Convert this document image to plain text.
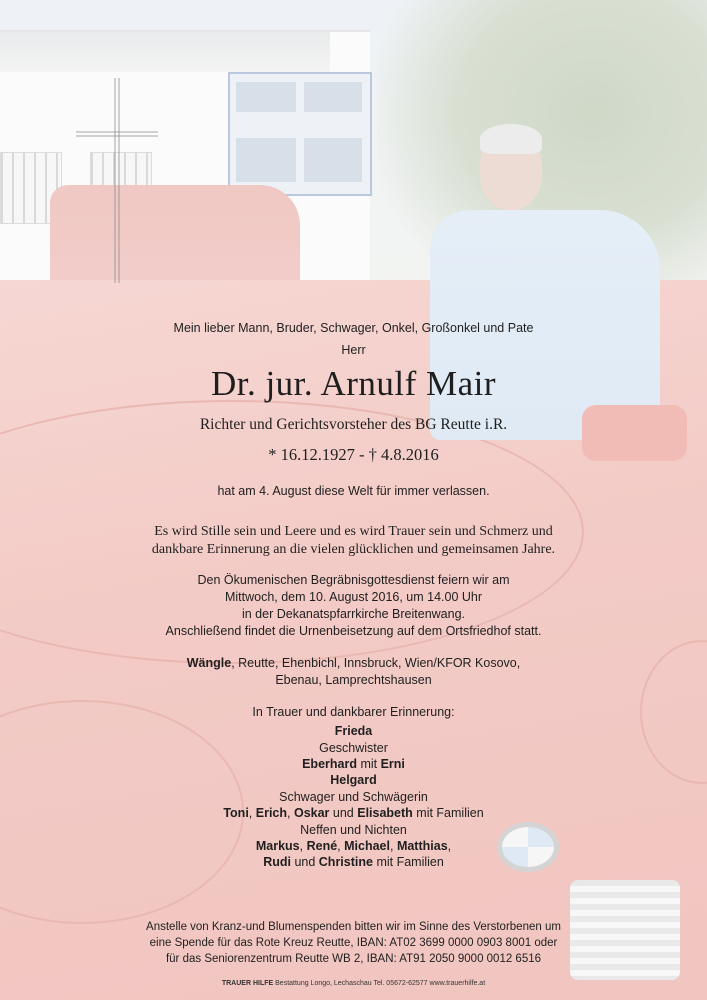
Mein lieber Mann, Bruder, Schwager, Onkel, Großonkel und Pate
Herr
Dr. jur. Arnulf Mair
Richter und Gerichtsvorsteher des BG Reutte i.R.
* 16.12.1927 - † 4.8.2016
hat am 4. August diese Welt für immer verlassen.
Es wird Stille sein und Leere und es wird Trauer sein und Schmerz und
dankbare Erinnerung an die vielen glücklichen und gemeinsamen Jahre.
Den Ökumenischen Begräbnisgottesdienst feiern wir am
Mittwoch, dem 10. August 2016, um 14.00 Uhr
in der Dekanatspfarrkirche Breitenwang.
Anschließend findet die Urnenbeisetzung auf dem Ortsfriedhof statt.
Wängle, Reutte, Ehenbichl, Innsbruck, Wien/KFOR Kosovo,
Ebenau, Lamprechtshausen
In Trauer und dankbarer Erinnerung:
Frieda
Geschwister
Eberhard mit Erni
Helgard
Schwager und Schwägerin
Toni, Erich, Oskar und Elisabeth mit Familien
Neffen und Nichten
Markus, René, Michael, Matthias,
Rudi und Christine mit Familien
Anstelle von Kranz-und Blumenspenden bitten wir im Sinne des Verstorbenen um
eine Spende für das Rote Kreuz Reutte, IBAN: AT02 3699 0000 0903 8001 oder
für das Seniorenzentrum Reutte WB 2, IBAN: AT91 2050 9000 0012 6516
TRAUER HILFE Bestattung Longo, Lechaschau Tel. 05672-62577 www.trauerhilfe.at
